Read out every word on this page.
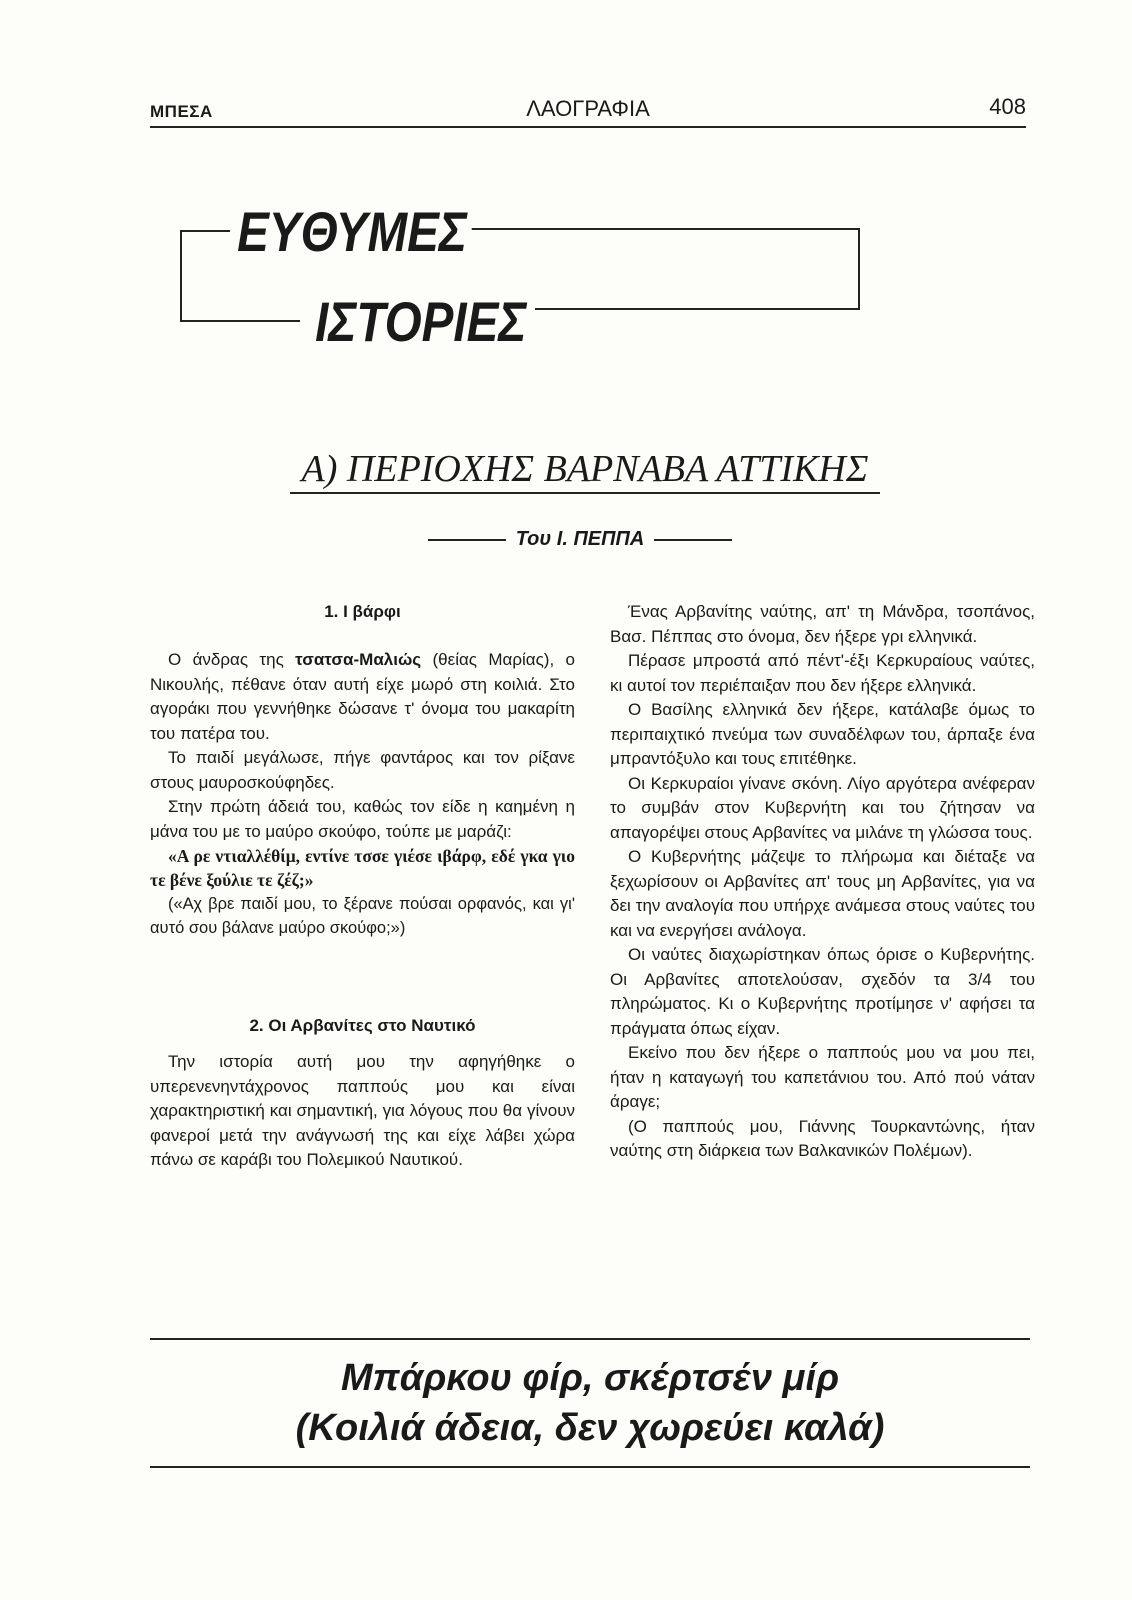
ΜΠΕΣΑ	ΛΑΟΓΡΑΦΙΑ	408
ΕΥΘΥΜΕΣ
ΙΣΤΟΡΙΕΣ
Α) ΠΕΡΙΟΧΗΣ ΒΑΡΝΑΒΑ ΑΤΤΙΚΗΣ
Του Ι. ΠΕΠΠΑ
1. Ι βάρφι

Ο άνδρας της τσατσα-Μαλιώς (θείας Μαρίας), ο Νικουλής, πέθανε όταν αυτή είχε μωρό στη κοιλιά. Στο αγοράκι που γεννήθηκε δώσανε τ' όνομα του μακαρίτη του πατέρα του.

Το παιδί μεγάλωσε, πήγε φαντάρος και τον ρίξανε στους μαυροσκούφηδες.

Στην πρώτη άδειά του, καθώς τον είδε η καημένη η μάνα του με το μαύρο σκούφο, τούπε με μαράζι:

«Α ρε ντιαλλέθίμ, εντίνε τσσε γιέσε ιβάρφ, εδέ γκα γιο τε βένε ξούλιε τε ζέζ;»

(«Αχ βρε παιδί μου, το ξέρανε πούσαι ορφανός, και γι' αυτό σου βάλανε μαύρο σκούφο;»)

2. Οι Αρβανίτες στο Ναυτικό

Την ιστορία αυτή μου την αφηγήθηκε ο υπερενενηντάχρονος παππούς μου και είναι χαρακτηριστική και σημαντική, για λόγους που θα γίνουν φανεροί μετά την ανάγνωσή της και είχε λάβει χώρα πάνω σε καράβι του Πολεμικού Ναυτικού.

Ένας Αρβανίτης ναύτης, απ' τη Μάνδρα, τσοπάνος, Βασ. Πέππας στο όνομα, δεν ήξερε γρι ελληνικά.

Πέρασε μπροστά από πέντ'-έξι Κερκυραίους ναύτες, κι αυτοί τον περιέπαιξαν που δεν ήξερε ελληνικά.

Ο Βασίλης ελληνικά δεν ήξερε, κατάλαβε όμως το περιπαιχτικό πνεύμα των συναδέλφων του, άρπαξε ένα μπραντόξυλο και τους επιτέθηκε.

Οι Κερκυραίοι γίνανε σκόνη. Λίγο αργότερα ανέφεραν το συμβάν στον Κυβερνήτη και του ζήτησαν να απαγορέψει στους Αρβανίτες να μιλάνε τη γλώσσα τους.

Ο Κυβερνήτης μάζεψε το πλήρωμα και διέταξε να ξεχωρίσουν οι Αρβανίτες απ' τους μη Αρβανίτες, για να δει την αναλογία που υπήρχε ανάμεσα στους ναύτες του και να ενεργήσει ανάλογα.

Οι ναύτες διαχωρίστηκαν όπως όρισε ο Κυβερνήτης. Οι Αρβανίτες αποτελούσαν, σχεδόν τα 3/4 του πληρώματος. Κι ο Κυβερνήτης προτίμησε ν' αφήσει τα πράγματα όπως είχαν.

Εκείνο που δεν ήξερε ο παππούς μου να μου πει, ήταν η καταγωγή του καπετάνιου του. Από πού νάταν άραγε;

(Ο παππούς μου, Γιάννης Τουρκαντώνης, ήταν ναύτης στη διάρκεια των Βαλκανικών Πολέμων).

Μπάρκου φίρ, σκέρτσέν μίρ
(Κοιλιά άδεια, δεν χωρεύει καλά)
